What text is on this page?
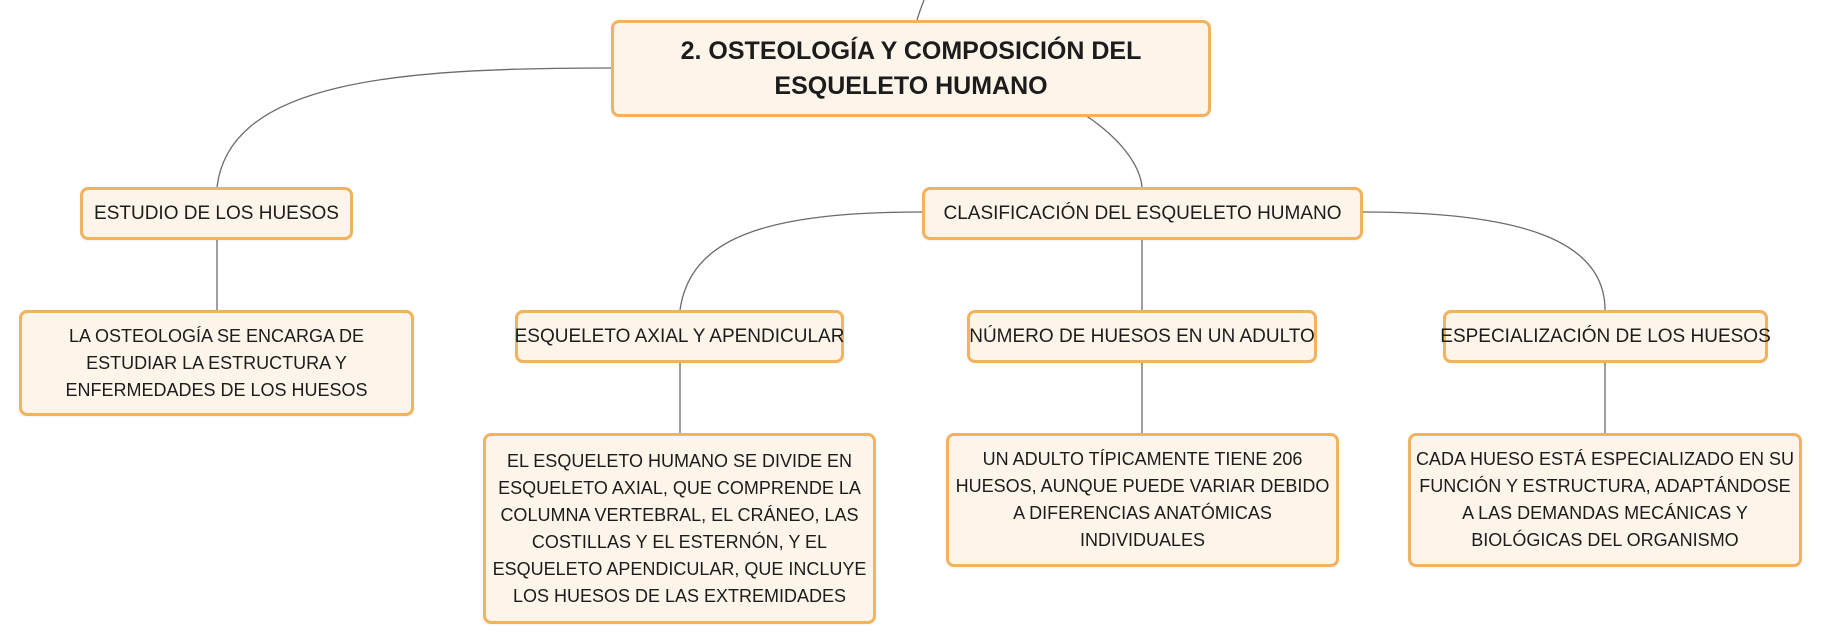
2. OSTEOLOGÍA Y COMPOSICIÓN DEL ESQUELETO HUMANO
ESTUDIO DE LOS HUESOS
LA OSTEOLOGÍA SE ENCARGA DE ESTUDIAR LA ESTRUCTURA Y ENFERMEDADES DE LOS HUESOS
CLASIFICACIÓN DEL ESQUELETO HUMANO
ESQUELETO AXIAL Y APENDICULAR
EL ESQUELETO HUMANO SE DIVIDE EN ESQUELETO AXIAL, QUE COMPRENDE LA COLUMNA VERTEBRAL, EL CRÁNEO, LAS COSTILLAS Y EL ESTERNÓN, Y EL ESQUELETO APENDICULAR, QUE INCLUYE LOS HUESOS DE LAS EXTREMIDADES
NÚMERO DE HUESOS EN UN ADULTO
UN ADULTO TÍPICAMENTE TIENE 206 HUESOS, AUNQUE PUEDE VARIAR DEBIDO A DIFERENCIAS ANATÓMICAS INDIVIDUALES
ESPECIALIZACIÓN DE LOS HUESOS
CADA HUESO ESTÁ ESPECIALIZADO EN SU FUNCIÓN Y ESTRUCTURA, ADAPTÁNDOSE A LAS DEMANDAS MECÁNICAS Y BIOLÓGICAS DEL ORGANISMO
